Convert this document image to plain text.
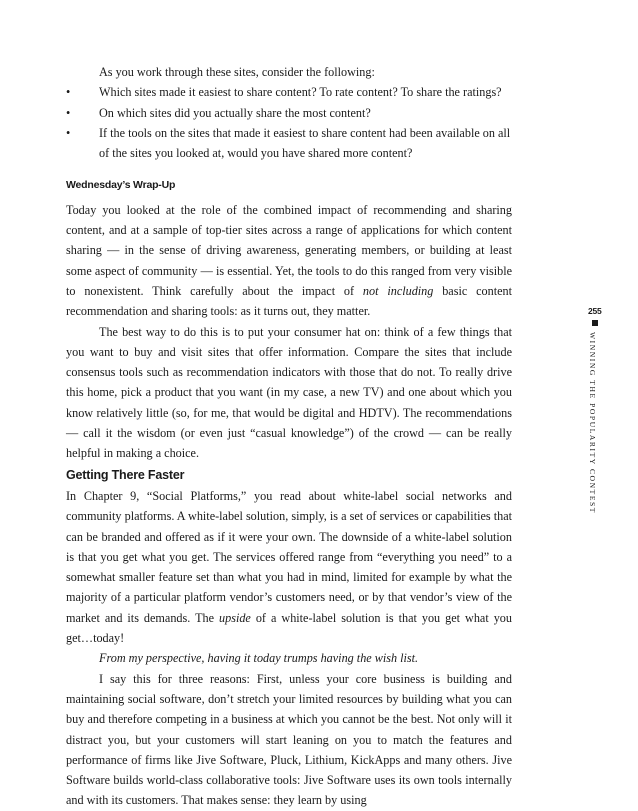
As you work through these sites, consider the following:

• Which sites made it easiest to share content? To rate content? To share the ratings?

• On which sites did you actually share the most content?

• If the tools on the sites that made it easiest to share content had been available on all of the sites you looked at, would you have shared more content?

Wednesday’s Wrap-Up

Today you looked at the role of the combined impact of recommending and sharing content, and at a sample of top-tier sites across a range of applications for which content sharing — in the sense of driving awareness, generating members, or building at least some aspect of community — is essential. Yet, the tools to do this ranged from very visible to nonexistent. Think carefully about the impact of not including basic content recommendation and sharing tools: as it turns out, they matter.

The best way to do this is to put your consumer hat on: think of a few things that you want to buy and visit sites that offer information. Compare the sites that include consensus tools such as recommendation indicators with those that do not. To really drive this home, pick a product that you want (in my case, a new TV) and one about which you know relatively little (so, for me, that would be digital and HDTV). The recommendations — call it the wisdom (or even just “casual knowledge”) of the crowd — can be really helpful in making a choice.

Getting There Faster

In Chapter 9, “Social Platforms,” you read about white-label social networks and community platforms. A white-label solution, simply, is a set of services or capabilities that can be branded and offered as if it were your own. The downside of a white-label solution is that you get what you get. The services offered range from “everything you need” to a somewhat smaller feature set than what you had in mind, limited for example by what the majority of a particular platform vendor’s customers need, or by that vendor’s view of the market and its demands. The upside of a white-label solution is that you get what you get…today!

From my perspective, having it today trumps having the wish list.

I say this for three reasons: First, unless your core business is building and maintaining social software, don’t stretch your limited resources by building what you can buy and therefore competing in a business at which you cannot be the best. Not only will it distract you, but your customers will start leaning on you to match the features and performance of firms like Jive Software, Pluck, Lithium, KickApps and many others. Jive Software builds world-class collaborative tools: Jive Software uses its own tools internally and with its customers. That makes sense: they learn by using

255
WINNING THE POPULARITY CONTEST
